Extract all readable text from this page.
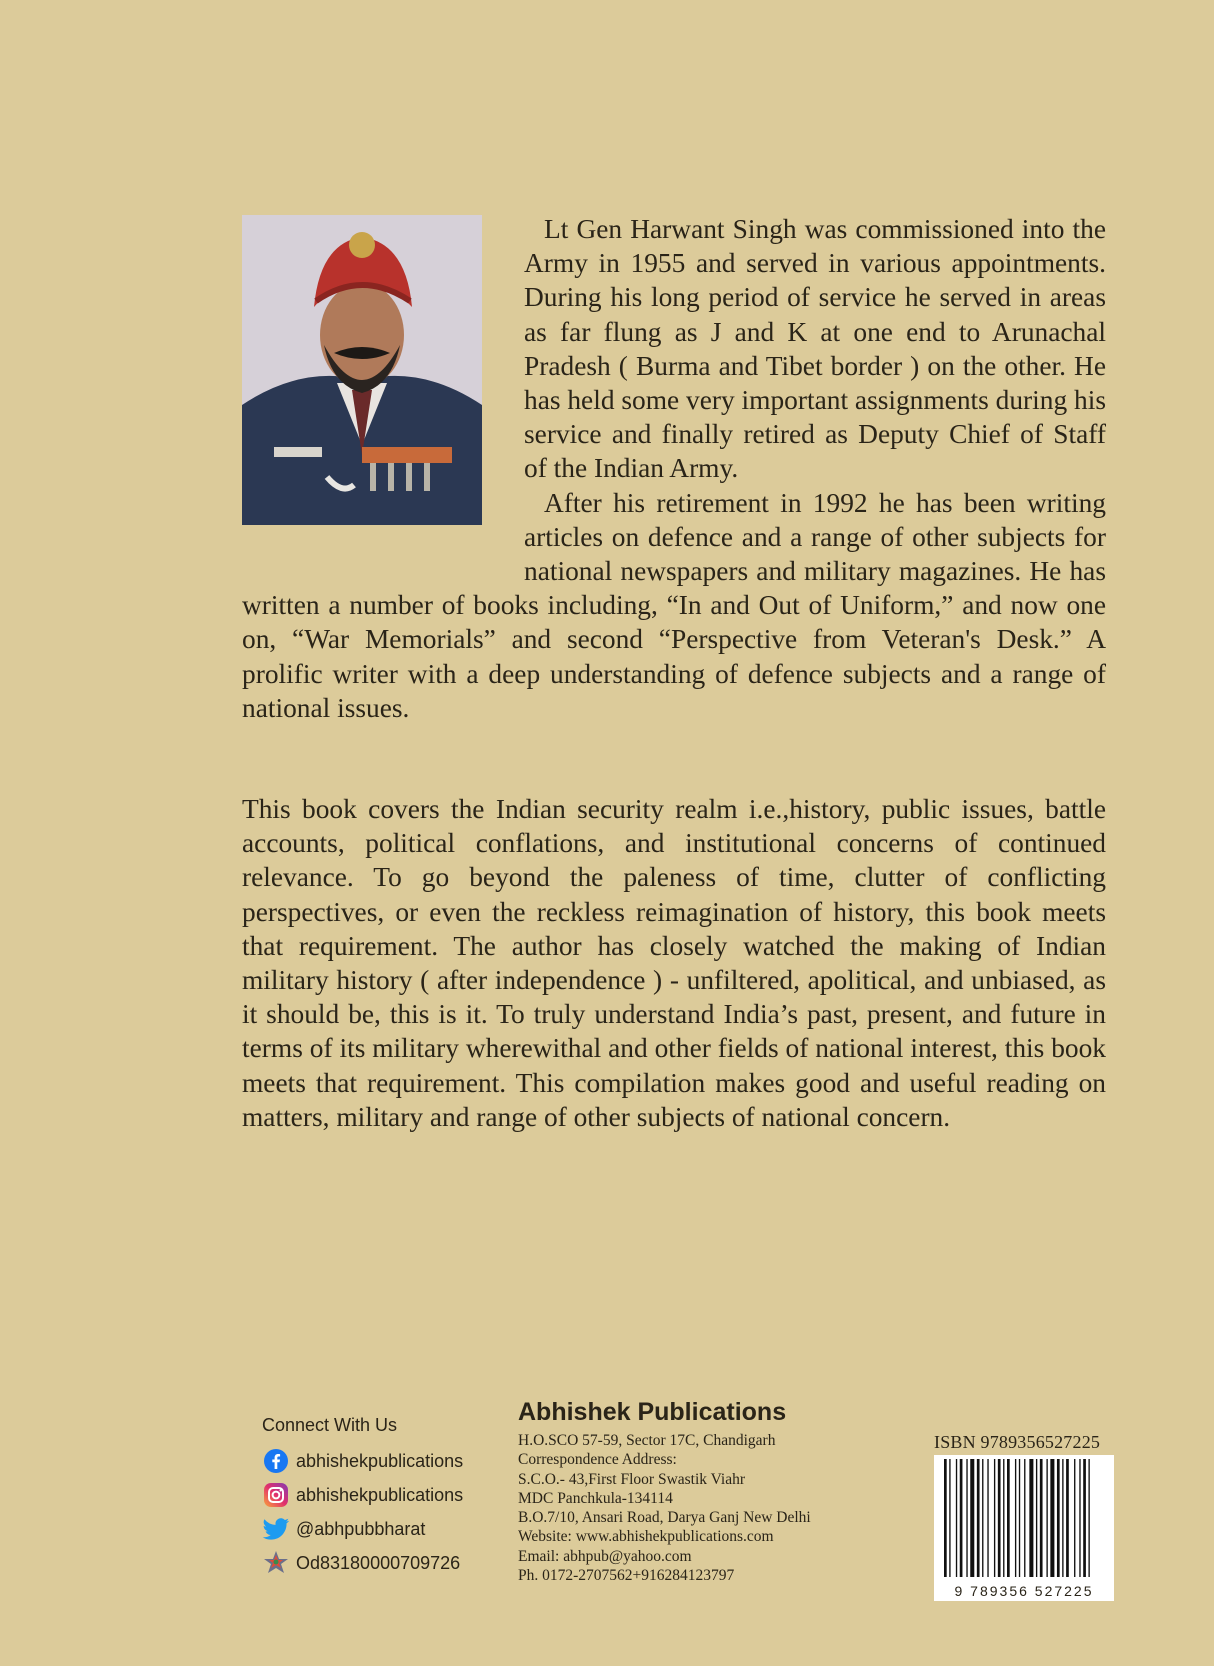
Lt Gen Harwant Singh was commissioned into the Army in 1955 and served in various appointments. During his long period of service he served in areas as far flung as J and K at one end to Arunachal Pradesh ( Burma and Tibet border ) on the other. He has held some very important assignments during his service and finally retired as Deputy Chief of Staff of the Indian Army.

After his retirement in 1992 he has been writing articles on defence and a range of other subjects for national newspapers and military magazines. He has written a number of books including, “In and Out of Uniform,” and now one on, “War Memorials” and second “Perspective from Veteran's Desk.” A prolific writer with a deep understanding of defence subjects and a range of national issues.

This book covers the Indian security realm i.e.,history, public issues, battle accounts, political conflations, and institutional concerns of continued relevance. To go beyond the paleness of time, clutter of conflicting perspectives, or even the reckless reimagination of history, this book meets that requirement. The author has closely watched the making of Indian military history ( after independence ) - unfiltered, apolitical, and unbiased, as it should be, this is it. To truly understand India’s past, present, and future in terms of its military wherewithal and other fields of national interest, this book meets that requirement. This compilation makes good and useful reading on matters, military and range of other subjects of national concern.

Connect With Us
abhishekpublications
abhishekpublications
@abhpubbharat
Od83180000709726
Abhishek Publications
H.O.SCO 57-59, Sector 17C, Chandigarh
Correspondence Address:
S.C.O.- 43,First Floor Swastik Viahr
MDC Panchkula-134114
B.O.7/10, Ansari Road, Darya Ganj New Delhi
Website: www.abhishekpublications.com
Email: abhpub@yahoo.com
Ph. 0172-2707562+916284123797
ISBN 9789356527225
9 789356 527225
